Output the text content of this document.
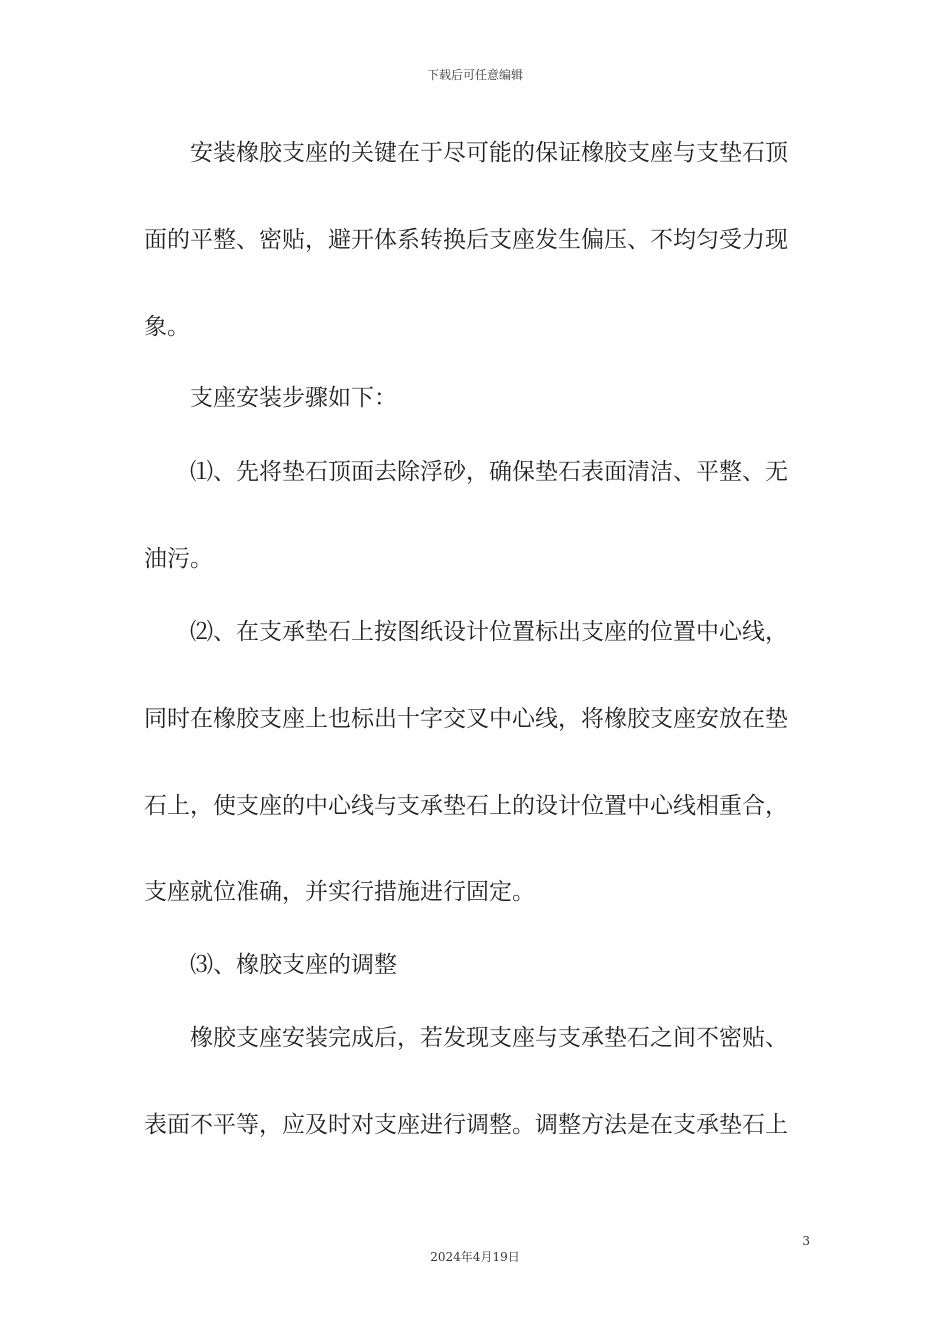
下载后可任意编辑
安装橡胶支座的关键在于尽可能的保证橡胶支座与支垫石顶
面的平整、密贴，避开体系转换后支座发生偏压、不均匀受力现
象。
支座安装步骤如下：
⑴、先将垫石顶面去除浮砂，确保垫石表面清洁、平整、无
油污。
⑵、在支承垫石上按图纸设计位置标出支座的位置中心线，
同时在橡胶支座上也标出十字交叉中心线，将橡胶支座安放在垫
石上，使支座的中心线与支承垫石上的设计位置中心线相重合，
支座就位准确，并实行措施进行固定。
⑶、橡胶支座的调整
橡胶支座安装完成后，若发现支座与支承垫石之间不密贴、
表面不平等，应及时对支座进行调整。调整方法是在支承垫石上
3
2024年4月19日
